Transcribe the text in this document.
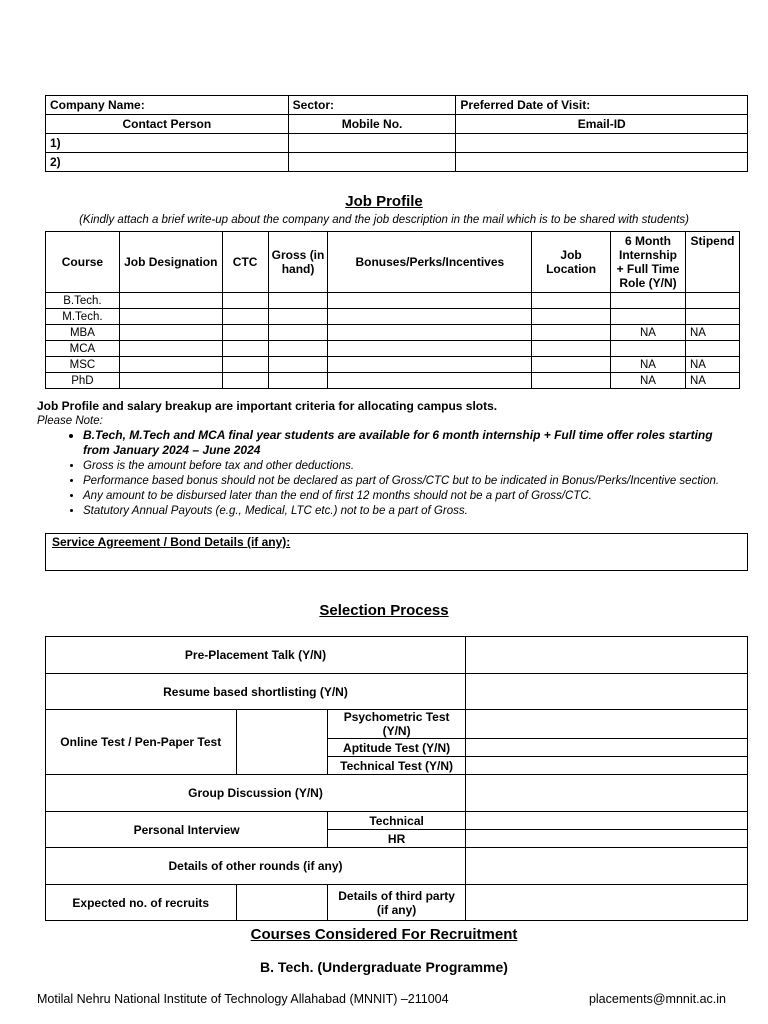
Company Name:	Sector:	Preferred Date of Visit:
Contact Person	Mobile No.	Email-ID
1)		
2)		
Job Profile
(Kindly attach a brief write-up about the company and the job description in the mail which is to be shared with students)
Course	Job Designation	CTC	Gross (in hand)	Bonuses/Perks/Incentives	Job Location	6 Month Internship + Full Time Role (Y/N)	Stipend
B.Tech.							
M.Tech.							
MBA						NA	NA
MCA							
MSC						NA	NA
PhD						NA	NA
Job Profile and salary breakup are important criteria for allocating campus slots.
Please Note:
• B.Tech, M.Tech and MCA final year students are available for 6 month internship + Full time offer roles starting from January 2024 – June 2024
• Gross is the amount before tax and other deductions.
• Performance based bonus should not be declared as part of Gross/CTC but to be indicated in Bonus/Perks/Incentive section.
• Any amount to be disbursed later than the end of first 12 months should not be a part of Gross/CTC.
• Statutory Annual Payouts (e.g., Medical, LTC etc.) not to be a part of Gross.
Service Agreement / Bond Details (if any):
Selection Process
Pre-Placement Talk (Y/N)			
Resume based shortlisting (Y/N)			
Online Test / Pen-Paper Test		Psychometric Test (Y/N)	
		Aptitude Test (Y/N)	
		Technical Test (Y/N)	
Group Discussion (Y/N)			
Personal Interview		Technical	
		HR	
Details of other rounds (if any)			
Expected no. of recruits		Details of third party (if any)	
Courses Considered For Recruitment
B. Tech. (Undergraduate Programme)
Motilal Nehru National Institute of Technology Allahabad (MNNIT) –211004	placements@mnnit.ac.in
